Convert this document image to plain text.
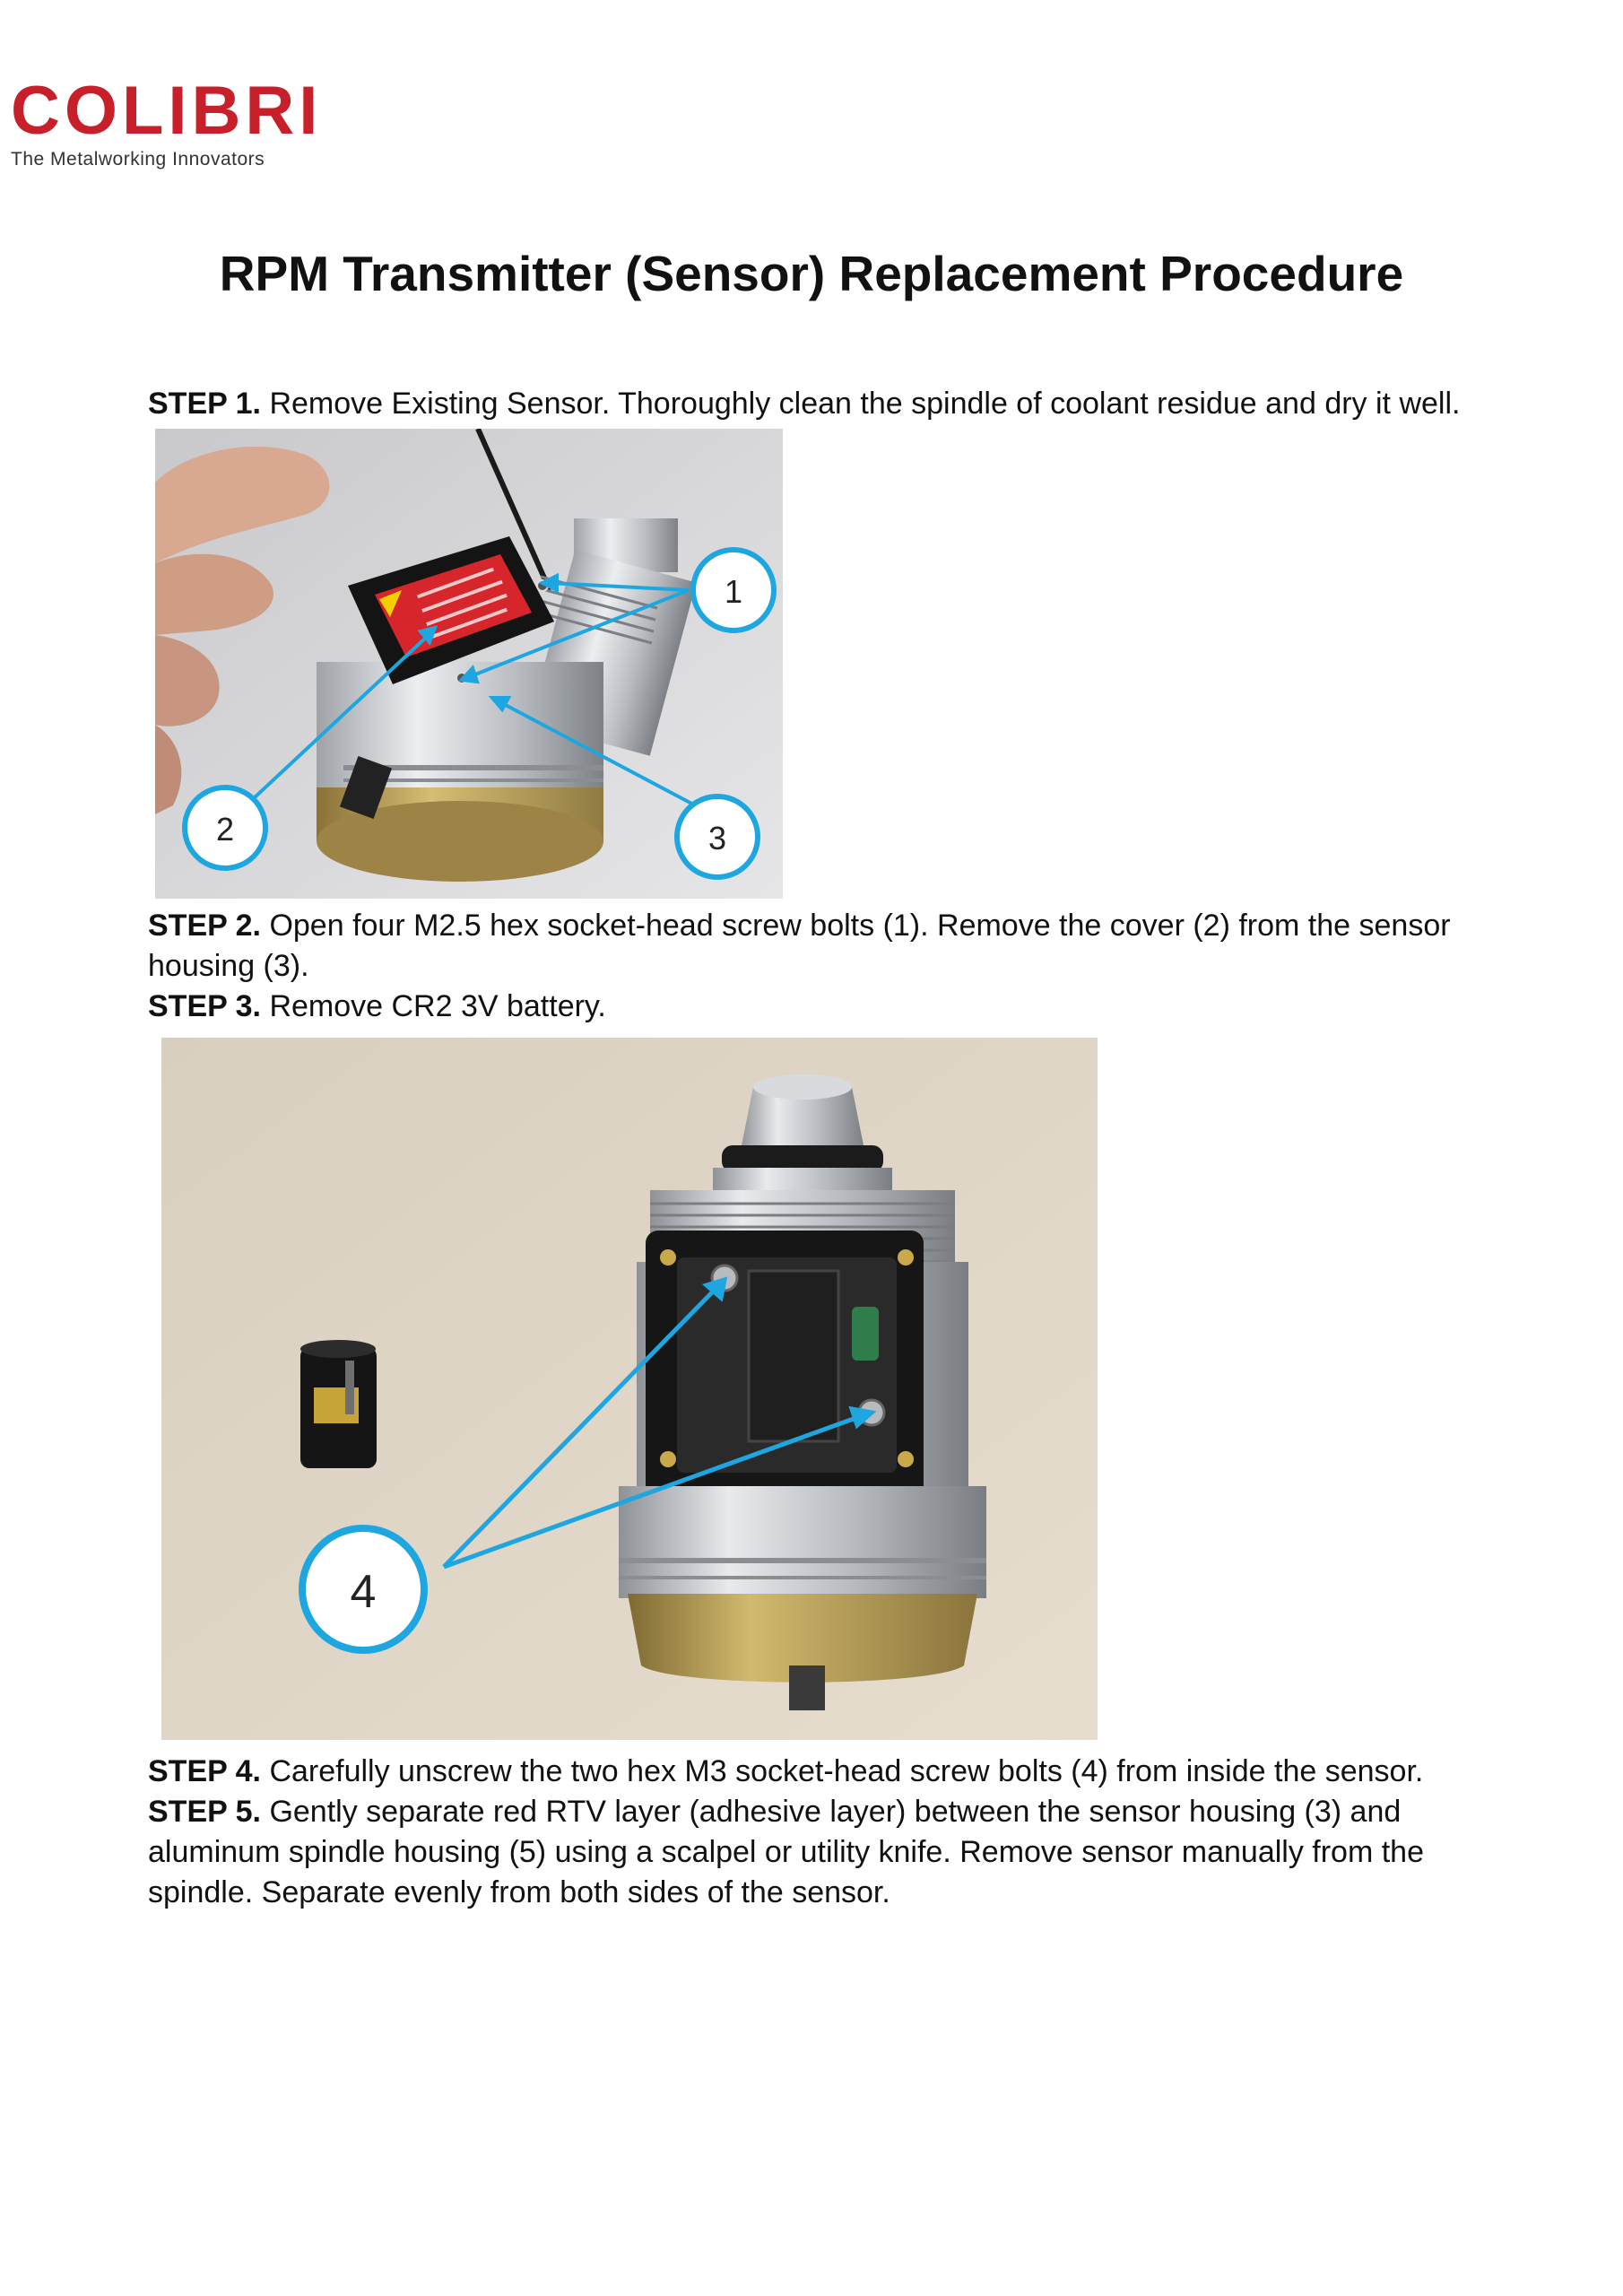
COLIBRI
The Metalworking Innovators
RPM Transmitter (Sensor) Replacement Procedure
STEP 1. Remove Existing Sensor. Thoroughly clean the spindle of coolant residue and dry it well.
1
2	3
STEP 2. Open four M2.5 hex socket-head screw bolts (1). Remove the cover (2) from the sensor housing (3).
STEP 3. Remove CR2 3V battery.
4
STEP 4. Carefully unscrew the two hex M3 socket-head screw bolts (4) from inside the sensor.
STEP 5. Gently separate red RTV layer (adhesive layer) between the sensor housing (3) and aluminum spindle housing (5) using a scalpel or utility knife. Remove sensor manually from the spindle. Separate evenly from both sides of the sensor.
